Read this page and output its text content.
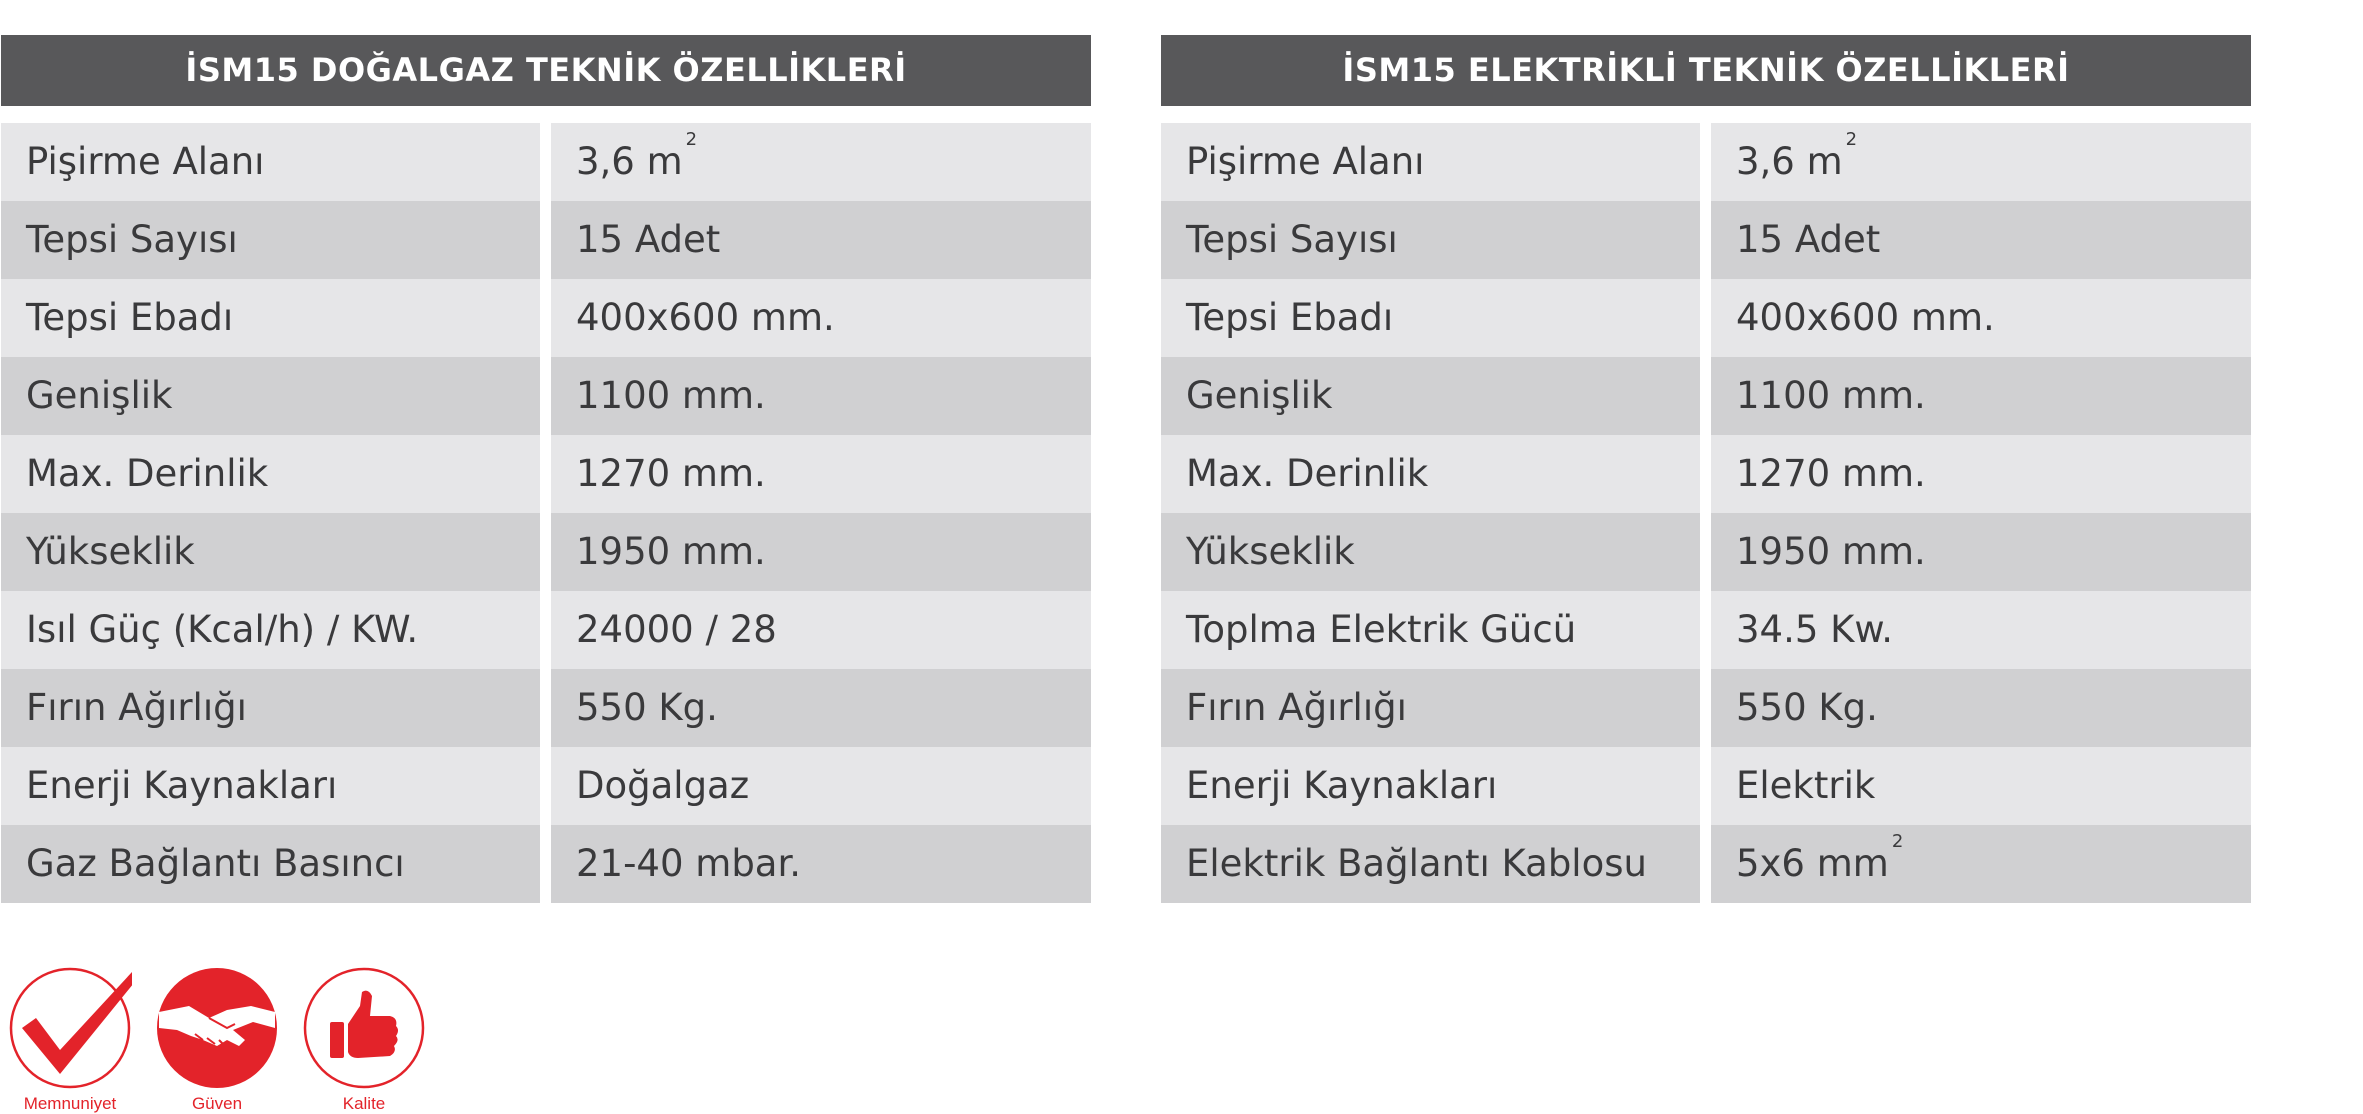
İSM15 DOĞALGAZ TEKNİK ÖZELLİKLERİ
Pişirme Alanı	3,6 $m^2$
Tepsi Sayısı	15 Adet
Tepsi Ebadı	400x600 mm.
Genişlik	1100 mm.
Max. Derinlik	1270 mm.
Yükseklik	1950 mm.
Isıl Güç (Kcal/h) / KW.	24000 / 28
Fırın Ağırlığı	550 Kg.
Enerji Kaynakları	Doğalgaz
Gaz Bağlantı Basıncı	21-40 mbar.
İSM15 ELEKTRİKLİ TEKNİK ÖZELLİKLERİ
Pişirme Alanı	3,6 $m^2$
Tepsi Sayısı	15 Adet
Tepsi Ebadı	400x600 mm.
Genişlik	1100 mm.
Max. Derinlik	1270 mm.
Yükseklik	1950 mm.
Toplma Elektrik Gücü	34.5 Kw.
Fırın Ağırlığı	550 Kg.
Enerji Kaynakları	Elektrik
Elektrik Bağlantı Kablosu	5x6 $mm^2$
Memnuniyet	Güven	Kalite
